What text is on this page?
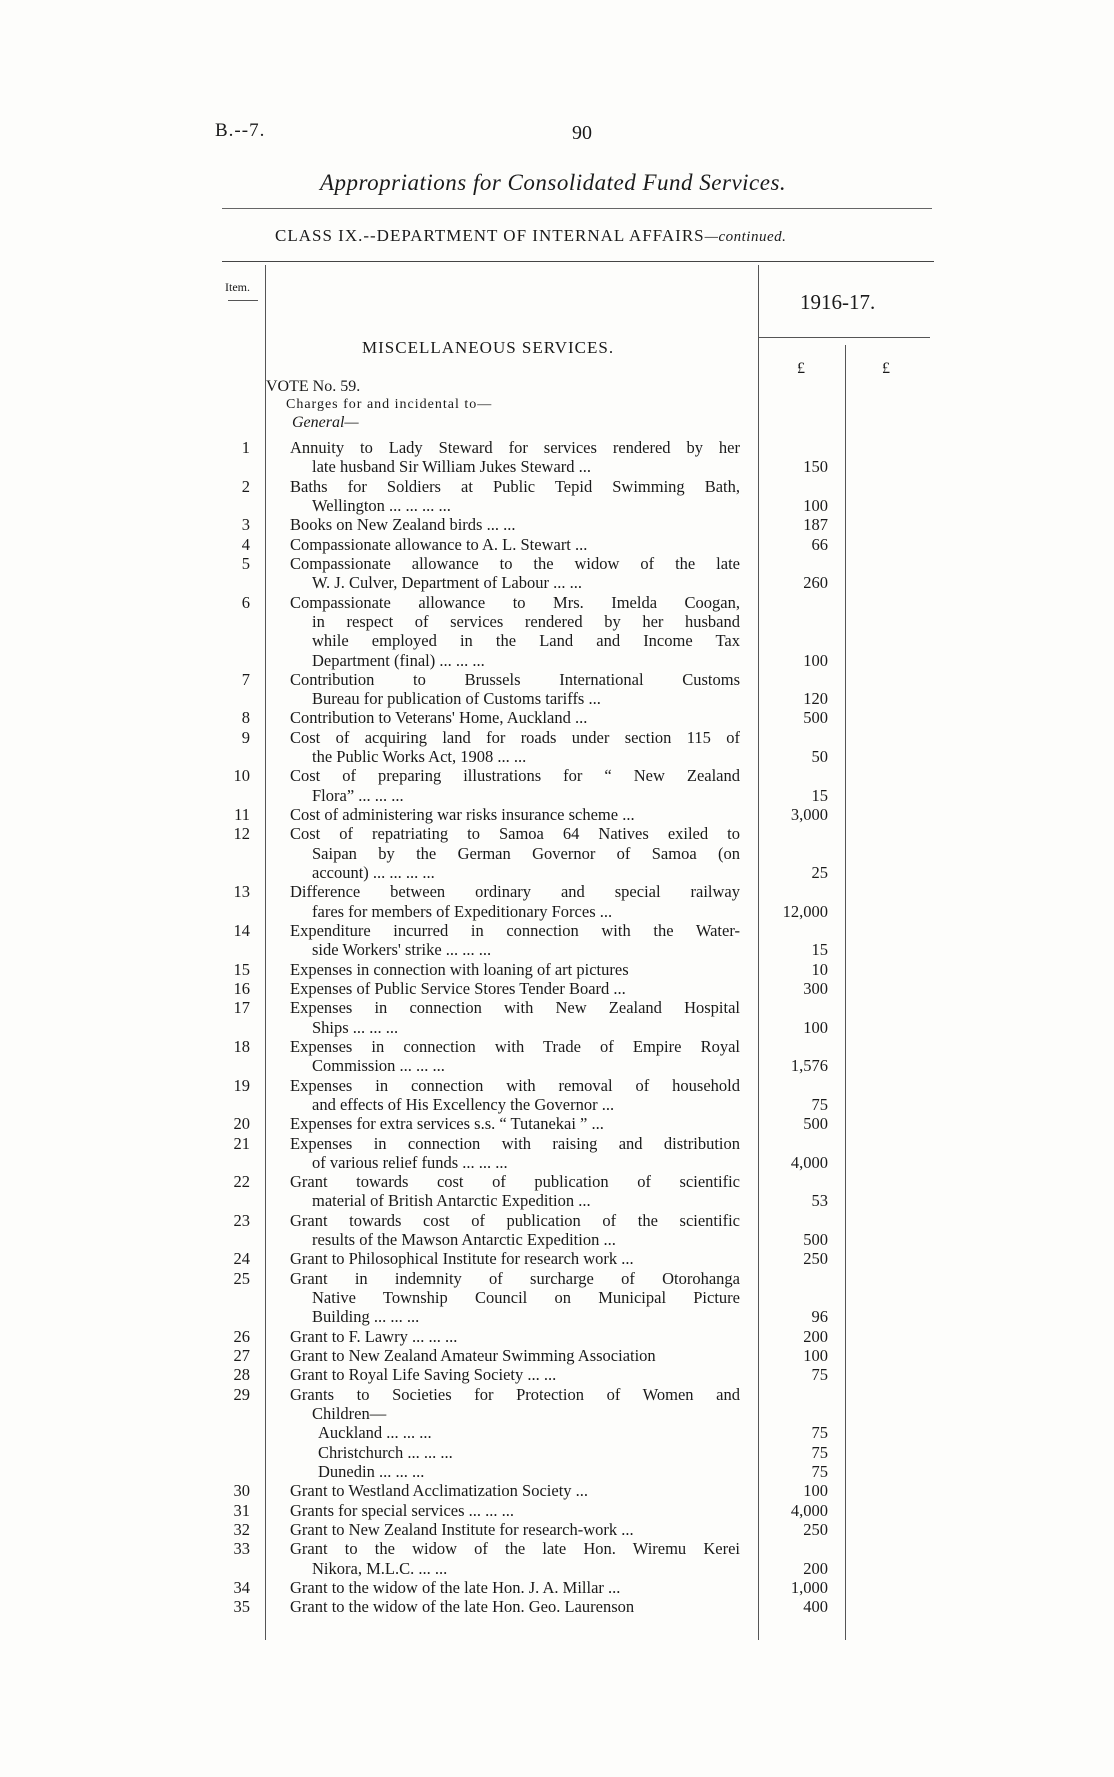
B.--7.	90
Appropriations for Consolidated Fund Services.
CLASS IX.--DEPARTMENT OF INTERNAL AFFAIRS—continued.
Item.
1916-17.
£	£
MISCELLANEOUS SERVICES.
VOTE No. 59.
Charges for and incidental to—
General—
1 Annuity to Lady Steward for services rendered by her
late husband Sir William Jukes Steward ...	150
2 Baths for Soldiers at Public Tepid Swimming Bath,
Wellington ... ... ... ...	100
3 Books on New Zealand birds ... ...	187
4 Compassionate allowance to A. L. Stewart ...	66
5 Compassionate allowance to the widow of the late
W. J. Culver, Department of Labour ... ...	260
6 Compassionate allowance to Mrs. Imelda Coogan,
in respect of services rendered by her husband
while employed in the Land and Income Tax
Department (final) ... ... ...	100
7 Contribution to Brussels International Customs
Bureau for publication of Customs tariffs ...	120
8 Contribution to Veterans' Home, Auckland ...	500
9 Cost of acquiring land for roads under section 115 of
the Public Works Act, 1908 ... ...	50
10 Cost of preparing illustrations for “ New Zealand
Flora” ... ... ...	15
11 Cost of administering war risks insurance scheme ...	3,000
12 Cost of repatriating to Samoa 64 Natives exiled to
Saipan by the German Governor of Samoa (on
account) ... ... ... ...	25
13 Difference between ordinary and special railway
fares for members of Expeditionary Forces ...	12,000
14 Expenditure incurred in connection with the Water-
side Workers' strike ... ... ...	15
15 Expenses in connection with loaning of art pictures	10
16 Expenses of Public Service Stores Tender Board ...	300
17 Expenses in connection with New Zealand Hospital
Ships ... ... ...	100
18 Expenses in connection with Trade of Empire Royal
Commission ... ... ...	1,576
19 Expenses in connection with removal of household
and effects of His Excellency the Governor ...	75
20 Expenses for extra services s.s. “ Tutanekai ” ...	500
21 Expenses in connection with raising and distribution
of various relief funds ... ... ...	4,000
22 Grant towards cost of publication of scientific
material of British Antarctic Expedition ...	53
23 Grant towards cost of publication of the scientific
results of the Mawson Antarctic Expedition ...	500
24 Grant to Philosophical Institute for research work ...	250
25 Grant in indemnity of surcharge of Otorohanga
Native Township Council on Municipal Picture
Building ... ... ...	96
26 Grant to F. Lawry ... ... ...	200
27 Grant to New Zealand Amateur Swimming Association	100
28 Grant to Royal Life Saving Society ... ...	75
29 Grants to Societies for Protection of Women and
Children—
Auckland ... ... ...	75
Christchurch ... ... ...	75
Dunedin ... ... ...	75
30 Grant to Westland Acclimatization Society ...	100
31 Grants for special services ... ... ...	4,000
32 Grant to New Zealand Institute for research-work ...	250
33 Grant to the widow of the late Hon. Wiremu Kerei
Nikora, M.L.C. ... ...	200
34 Grant to the widow of the late Hon. J. A. Millar ...	1,000
35 Grant to the widow of the late Hon. Geo. Laurenson	400
